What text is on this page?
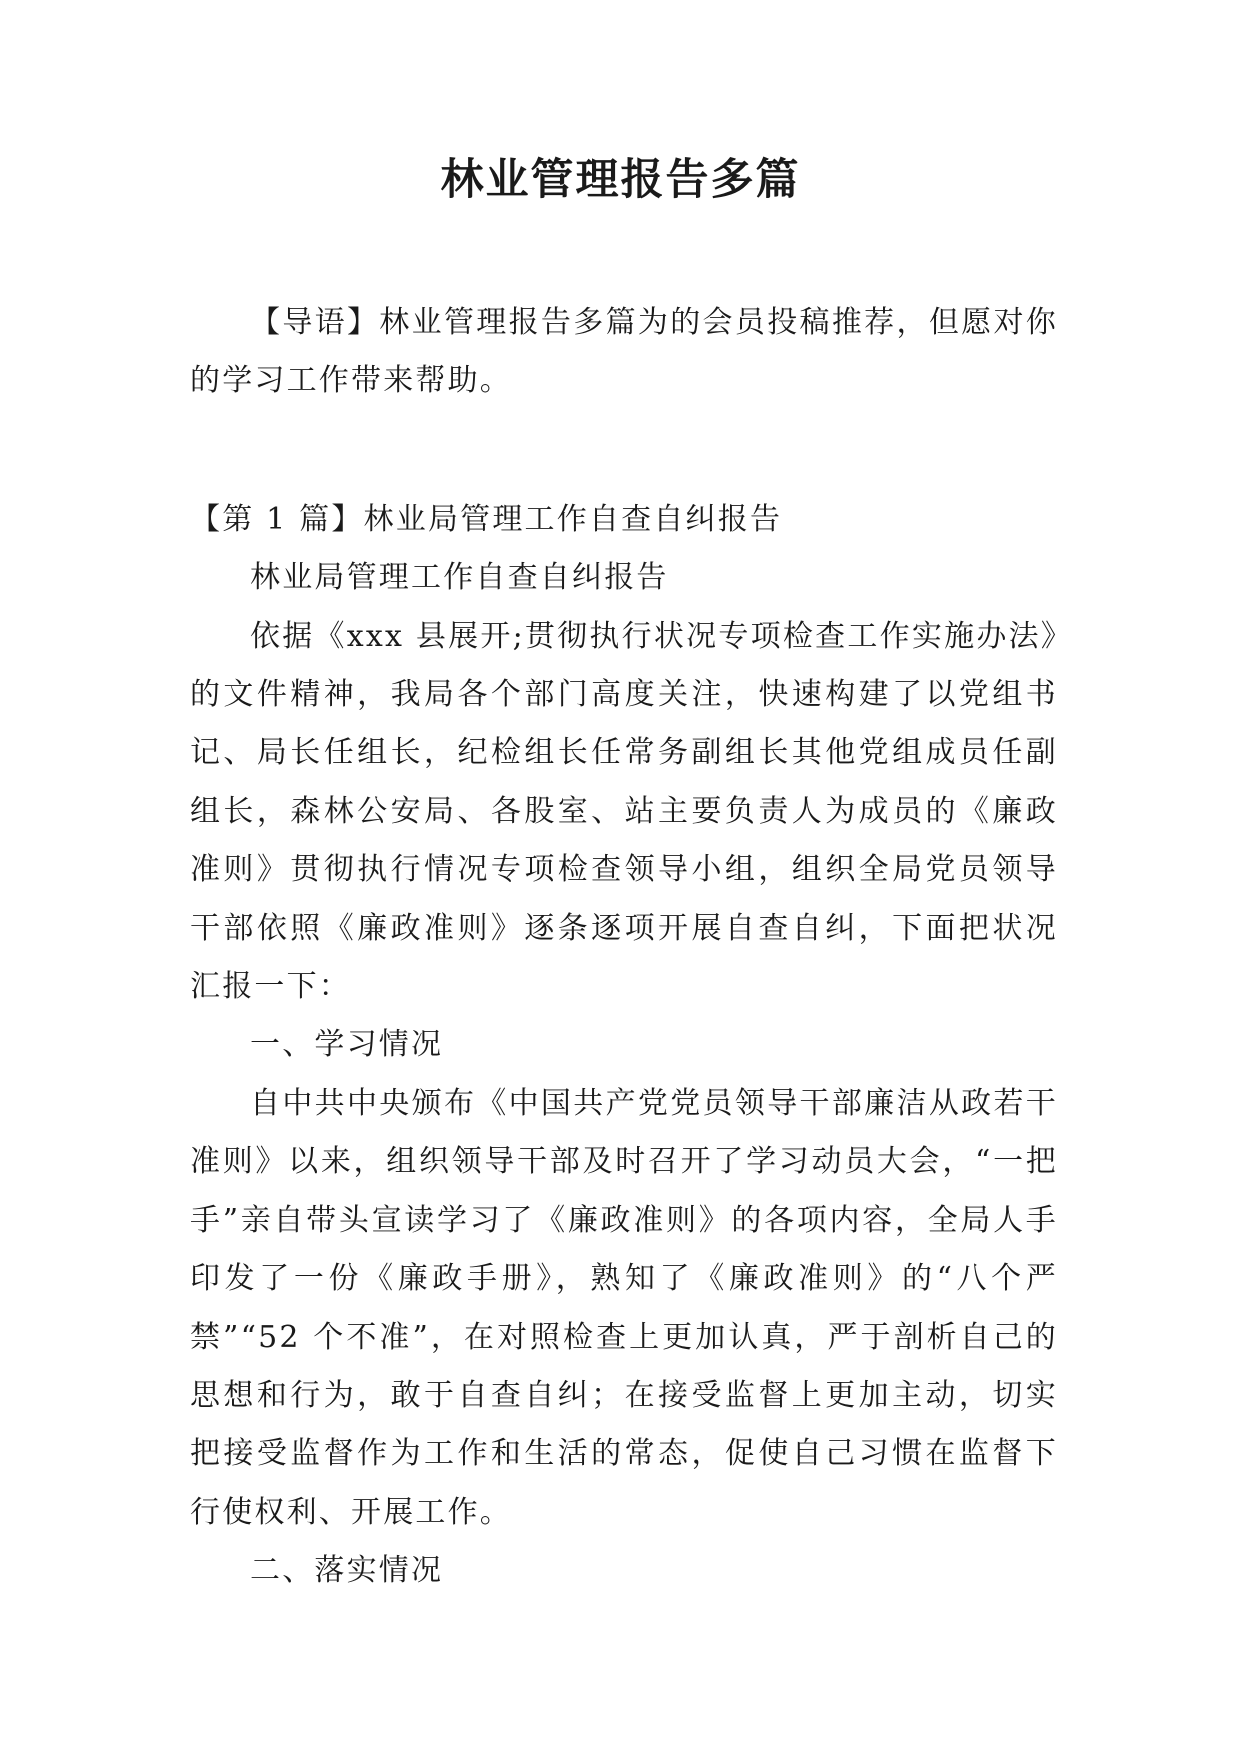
林业管理报告多篇

【导语】林业管理报告多篇为的会员投稿推荐，但愿对你的学习工作带来帮助。

【第 1 篇】林业局管理工作自查自纠报告

林业局管理工作自查自纠报告

依据《xxx 县展开;贯彻执行状况专项检查工作实施办法》的文件精神，我局各个部门高度关注，快速构建了以党组书记、局长任组长，纪检组长任常务副组长其他党组成员任副组长，森林公安局、各股室、站主要负责人为成员的《廉政准则》贯彻执行情况专项检查领导小组，组织全局党员领导干部依照《廉政准则》逐条逐项开展自查自纠，下面把状况汇报一下：

一、学习情况

自中共中央颁布《中国共产党党员领导干部廉洁从政若干准则》以来，组织领导干部及时召开了学习动员大会，“一把手”亲自带头宣读学习了《廉政准则》的各项内容，全局人手印发了一份《廉政手册》，熟知了《廉政准则》的“八个严禁”“52 个不准”，在对照检查上更加认真，严于剖析自己的思想和行为，敢于自查自纠；在接受监督上更加主动，切实把接受监督作为工作和生活的常态，促使自己习惯在监督下行使权利、开展工作。

二、落实情况
